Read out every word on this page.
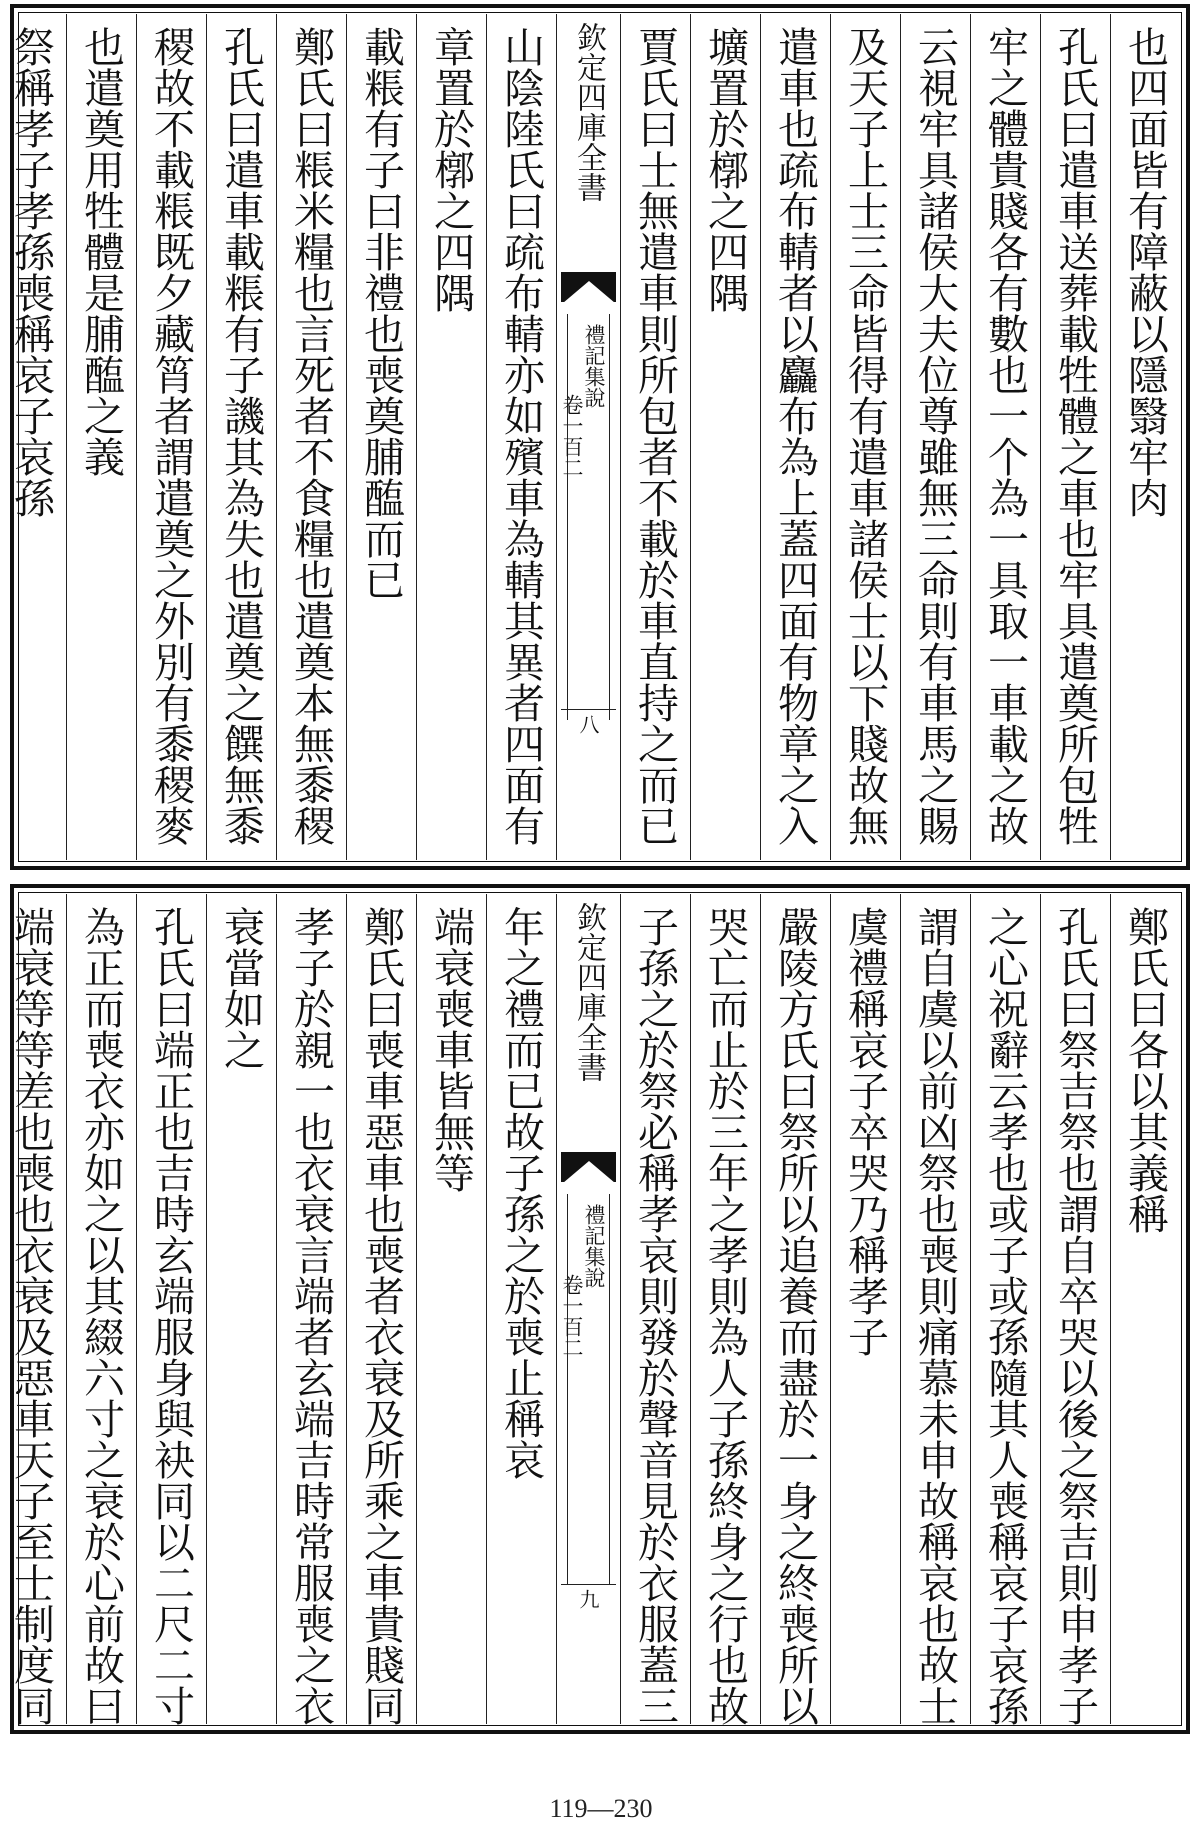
也四面皆有障蔽以隱翳牢肉
孔氏曰遣車送葬載牲體之車也牢具遣奠所包牲
牢之體貴賤各有數也一个為一具取一車載之故
云視牢具諸侯大夫位尊雖無三命則有車馬之賜
及天子上士三命皆得有遣車諸侯士以下賤故無
遣車也疏布輤者以麤布為上蓋四面有物章之入
壙置於槨之四隅
賈氏曰士無遣車則所包者不載於車直持之而已
欽定四庫全書
禮記集說
卷一百二
八
山陰陸氏曰疏布輤亦如殯車為輤其異者四面有
章置於槨之四隅
載粻有子曰非禮也喪奠脯醢而已
鄭氏曰粻米糧也言死者不食糧也遣奠本無黍稷
孔氏曰遣車載粻有子譏其為失也遣奠之饌無黍
稷故不載粻既夕藏筲者謂遣奠之外別有黍稷麥
也遣奠用牲體是脯醢之義
祭稱孝子孝孫喪稱哀子哀孫
鄭氏曰各以其義稱
孔氏曰祭吉祭也謂自卒哭以後之祭吉則申孝子
之心祝辭云孝也或子或孫隨其人喪稱哀子哀孫
謂自虞以前凶祭也喪則痛慕未申故稱哀也故士
虞禮稱哀子卒哭乃稱孝子
嚴陵方氏曰祭所以追養而盡於一身之終喪所以
哭亡而止於三年之孝則為人子孫終身之行也故
子孫之於祭必稱孝哀則發於聲音見於衣服蓋三
欽定四庫全書
禮記集說
卷一百二
九
年之禮而已故子孫之於喪止稱哀
端衰喪車皆無等
鄭氏曰喪車惡車也喪者衣衰及所乘之車貴賤同
孝子於親一也衣衰言端者玄端吉時常服喪之衣
衰當如之
孔氏曰端正也吉時玄端服身與袂同以二尺二寸
為正而喪衣亦如之以其綴六寸之衰於心前故曰
端衰等等差也喪也衣衰及惡車天子至士制度同
119—230
